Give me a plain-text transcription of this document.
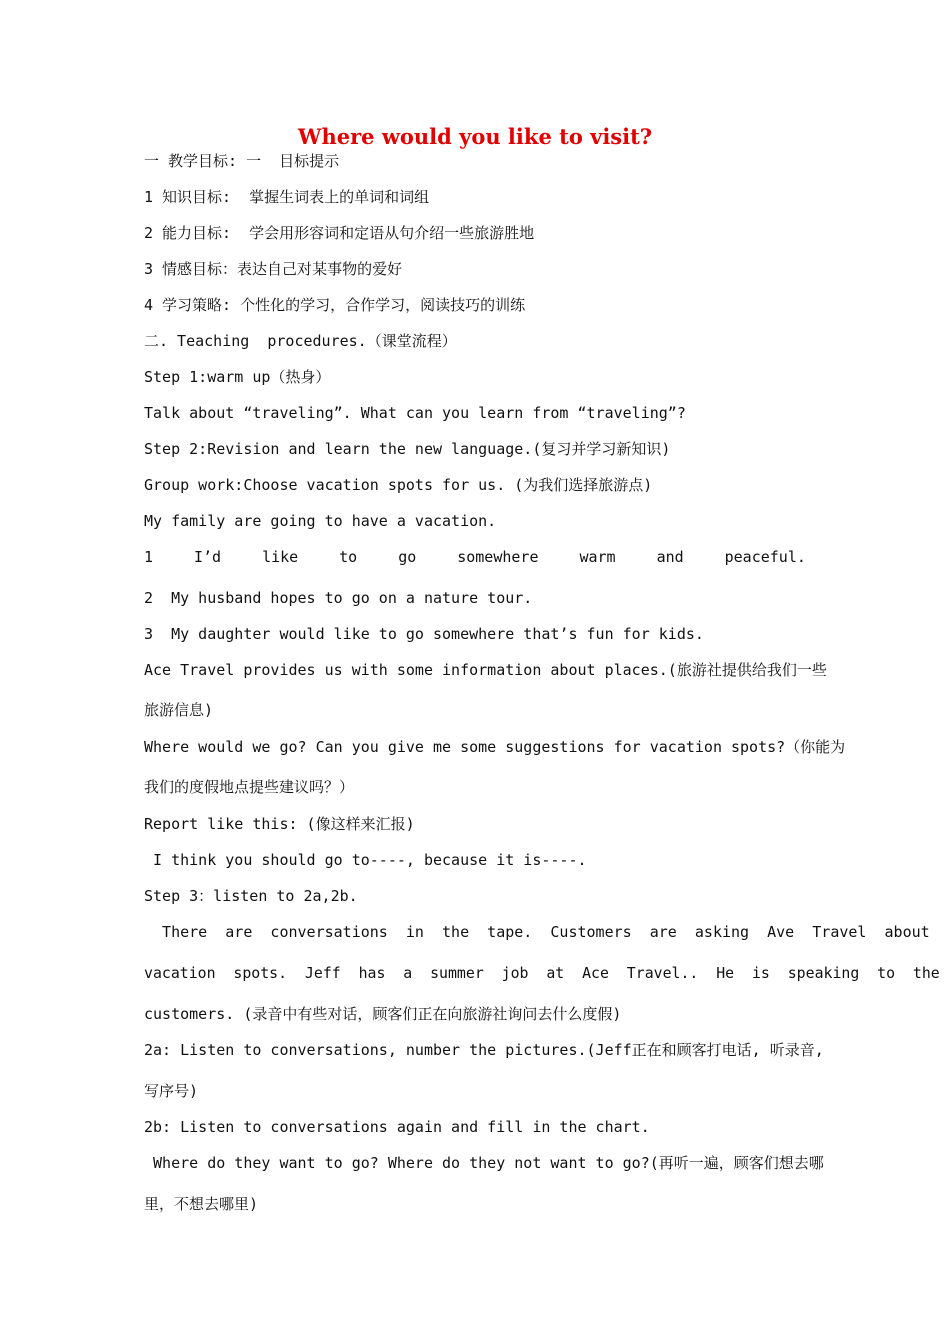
Where would you like to visit?
一 教学目标: 一  目标提示
1 知识目标:  掌握生词表上的单词和词组
2 能力目标:  学会用形容词和定语从句介绍一些旅游胜地
3 情感目标：表达自己对某事物的爱好
4 学习策略: 个性化的学习，合作学习，阅读技巧的训练
二. Teaching  procedures.（课堂流程）
Step 1:warm up（热身）
Talk about “traveling”. What can you learn from “traveling”?
Step 2:Revision and learn the new language.(复习并学习新知识)
Group work:Choose vacation spots for us. (为我们选择旅游点)
My family are going to have a vacation.
1	I’d	like	to	go	somewhere	warm	and	peaceful.
2  My husband hopes to go on a nature tour.
3  My daughter would like to go somewhere that’s fun for kids.
Ace Travel provides us with some information about places.(旅游社提供给我们一些
旅游信息)
Where would we go? Can you give me some suggestions for vacation spots?（你能为
我们的度假地点提些建议吗？）
Report like this: (像这样来汇报)
I think you should go to----, because it is----.
Step 3：listen to 2a,2b.
There  are  conversations  in  the  tape.  Customers  are  asking  Ave  Travel  about
vacation  spots.  Jeff  has  a  summer  job  at  Ace  Travel..  He  is  speaking  to  the
customers. (录音中有些对话，顾客们正在向旅游社询问去什么度假)
2a: Listen to conversations, number the pictures.(Jeff正在和顾客打电话, 听录音,
写序号)
2b: Listen to conversations again and fill in the chart.
Where do they want to go? Where do they not want to go?(再听一遍，顾客们想去哪
里，不想去哪里)
